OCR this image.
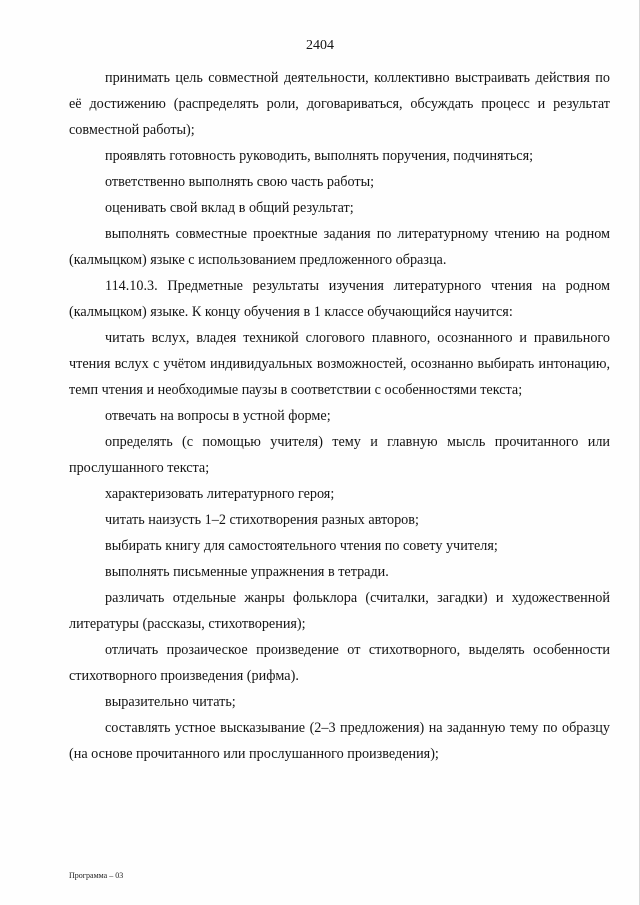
2404

принимать цель совместной деятельности, коллективно выстраивать действия по её достижению (распределять роли, договариваться, обсуждать процесс и результат совместной работы);

проявлять готовность руководить, выполнять поручения, подчиняться;

ответственно выполнять свою часть работы;

оценивать свой вклад в общий результат;

выполнять совместные проектные задания по литературному чтению на родном (калмыцком) языке с использованием предложенного образца.

114.10.3. Предметные результаты изучения литературного чтения на родном (калмыцком) языке. К концу обучения в 1 классе обучающийся научится:

читать вслух, владея техникой слогового плавного, осознанного и правильного чтения вслух с учётом индивидуальных возможностей, осознанно выбирать интонацию, темп чтения и необходимые паузы в соответствии с особенностями текста;

отвечать на вопросы в устной форме;

определять (с помощью учителя) тему и главную мысль прочитанного или прослушанного текста;

характеризовать литературного героя;

читать наизусть 1–2 стихотворения разных авторов;

выбирать книгу для самостоятельного чтения по совету учителя;

выполнять письменные упражнения в тетради.

различать отдельные жанры фольклора (считалки, загадки) и художественной литературы (рассказы, стихотворения);

отличать прозаическое произведение от стихотворного, выделять особенности стихотворного произведения (рифма).

выразительно читать;

составлять устное высказывание (2–3 предложения) на заданную тему по образцу (на основе прочитанного или прослушанного произведения);

Программа – 03
